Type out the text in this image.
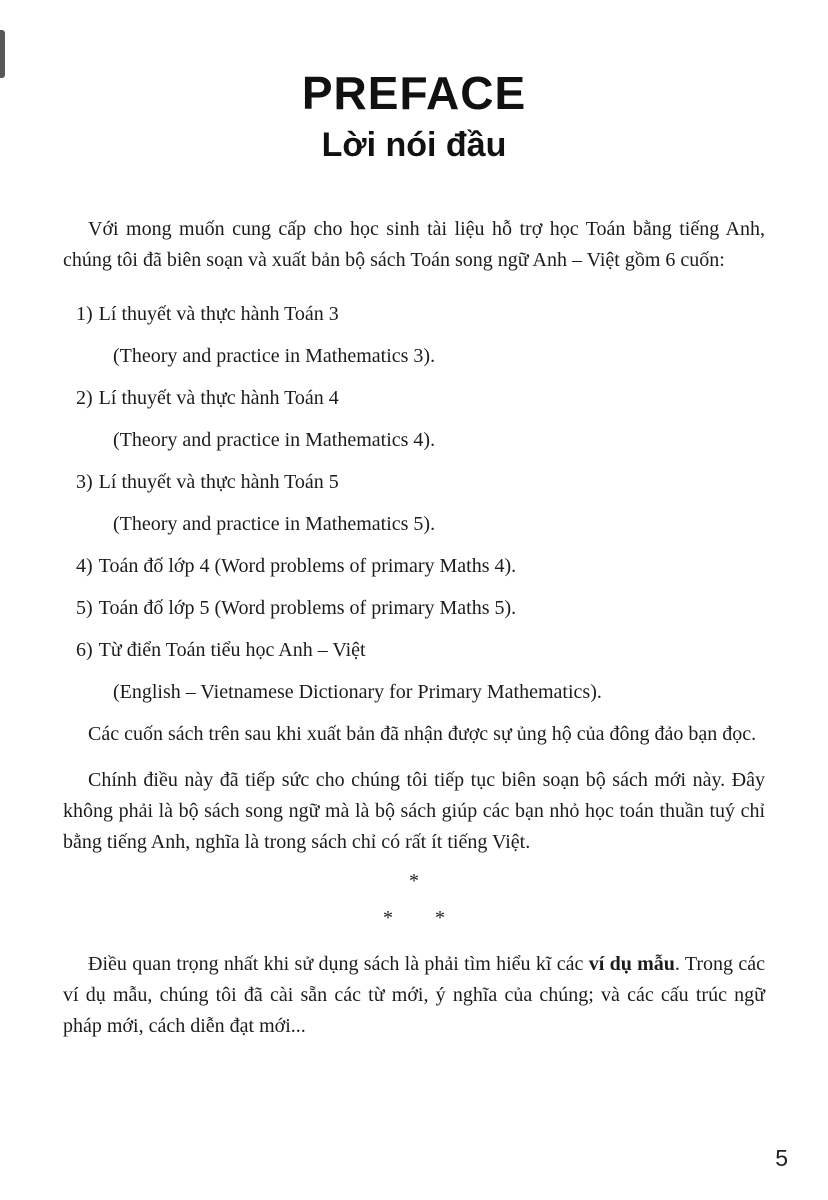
PREFACE
Lời nói đầu

Với mong muốn cung cấp cho học sinh tài liệu hỗ trợ học Toán bằng tiếng Anh, chúng tôi đã biên soạn và xuất bản bộ sách Toán song ngữ Anh – Việt gồm 6 cuốn:

1) Lí thuyết và thực hành Toán 3
(Theory and practice in Mathematics 3).
2) Lí thuyết và thực hành Toán 4
(Theory and practice in Mathematics 4).
3) Lí thuyết và thực hành Toán 5
(Theory and practice in Mathematics 5).
4) Toán đố lớp 4 (Word problems of primary Maths 4).
5) Toán đố lớp 5 (Word problems of primary Maths 5).
6) Từ điển Toán tiểu học Anh – Việt
(English – Vietnamese Dictionary for Primary Mathematics).

Các cuốn sách trên sau khi xuất bản đã nhận được sự ủng hộ của đông đảo bạn đọc.

Chính điều này đã tiếp sức cho chúng tôi tiếp tục biên soạn bộ sách mới này. Đây không phải là bộ sách song ngữ mà là bộ sách giúp các bạn nhỏ học toán thuần tuý chỉ bằng tiếng Anh, nghĩa là trong sách chỉ có rất ít tiếng Việt.

*
* *

Điều quan trọng nhất khi sử dụng sách là phải tìm hiểu kĩ các ví dụ mẫu. Trong các ví dụ mẫu, chúng tôi đã cài sẵn các từ mới, ý nghĩa của chúng; và các cấu trúc ngữ pháp mới, cách diễn đạt mới...

5
